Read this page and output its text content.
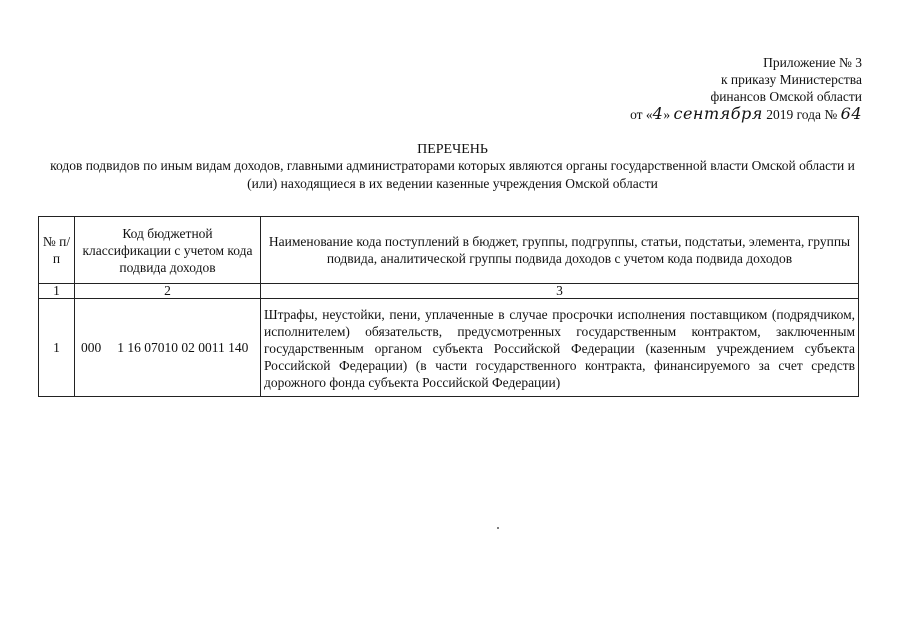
Приложение № 3
к приказу Министерства
финансов Омской области
от «4» сентября 2019 года № 64
ПЕРЕЧЕНЬ
кодов подвидов по иным видам доходов, главными администраторами которых являются органы государственной власти Омской области и (или) находящиеся в их ведении казенные учреждения Омской области
№ п/п	Код бюджетной классификации с учетом кода подвида доходов	Наименование кода поступлений в бюджет, группы, подгруппы, статьи, подстатьи, элемента, группы подвида, аналитической группы подвида доходов с учетом кода подвида доходов
1	2	3
1	000 1 16 07010 02 0011 140	Штрафы, неустойки, пени, уплаченные в случае просрочки исполнения поставщиком (подрядчиком, исполнителем) обязательств, предусмотренных государственным контрактом, заключенным государственным органом субъекта Российской Федерации (казенным учреждением субъекта Российской Федерации) (в части государственного контракта, финансируемого за счет средств дорожного фонда субъекта Российской Федерации)
